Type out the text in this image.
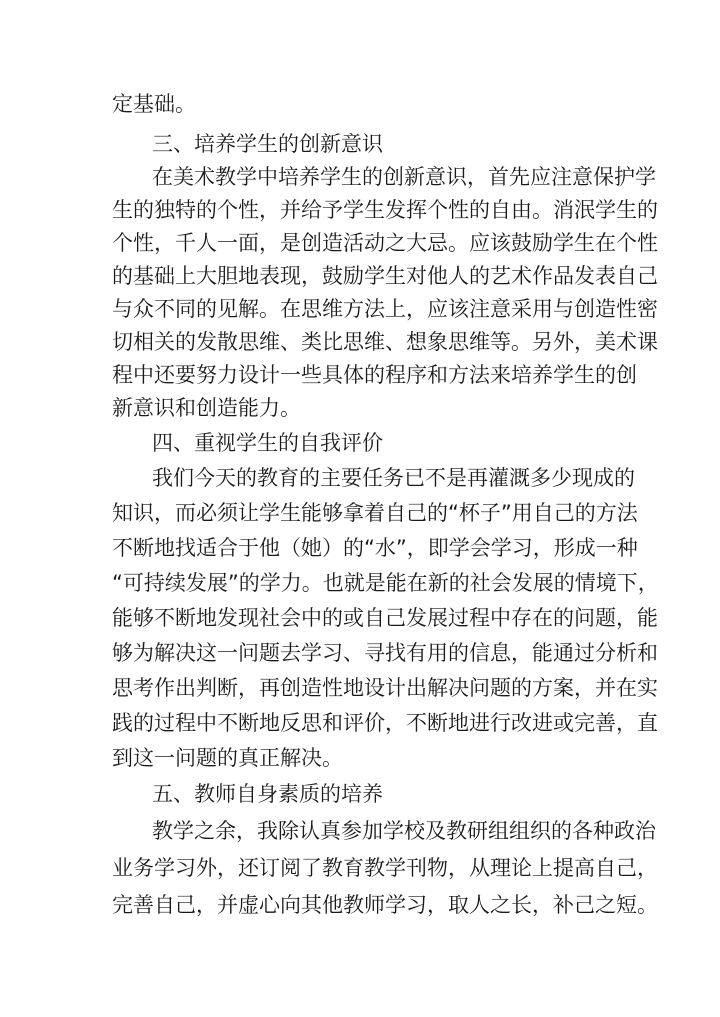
定基础。
三、培养学生的创新意识
在美术教学中培养学生的创新意识，首先应注意保护学
生的独特的个性，并给予学生发挥个性的自由。消泯学生的
个性，千人一面，是创造活动之大忌。应该鼓励学生在个性
的基础上大胆地表现，鼓励学生对他人的艺术作品发表自己
与众不同的见解。在思维方法上，应该注意采用与创造性密
切相关的发散思维、类比思维、想象思维等。另外，美术课
程中还要努力设计一些具体的程序和方法来培养学生的创
新意识和创造能力。
四、重视学生的自我评价
我们今天的教育的主要任务已不是再灌溉多少现成的
知识，而必须让学生能够拿着自己的“杯子”用自己的方法
不断地找适合于他（她）的“水”，即学会学习，形成一种
“可持续发展”的学力。也就是能在新的社会发展的情境下，
能够不断地发现社会中的或自己发展过程中存在的问题，能
够为解决这一问题去学习、寻找有用的信息，能通过分析和
思考作出判断，再创造性地设计出解决问题的方案，并在实
践的过程中不断地反思和评价，不断地进行改进或完善，直
到这一问题的真正解决。
五、教师自身素质的培养
教学之余，我除认真参加学校及教研组组织的各种政治
业务学习外，还订阅了教育教学刊物，从理论上提高自己，
完善自己，并虚心向其他教师学习，取人之长，补己之短。
